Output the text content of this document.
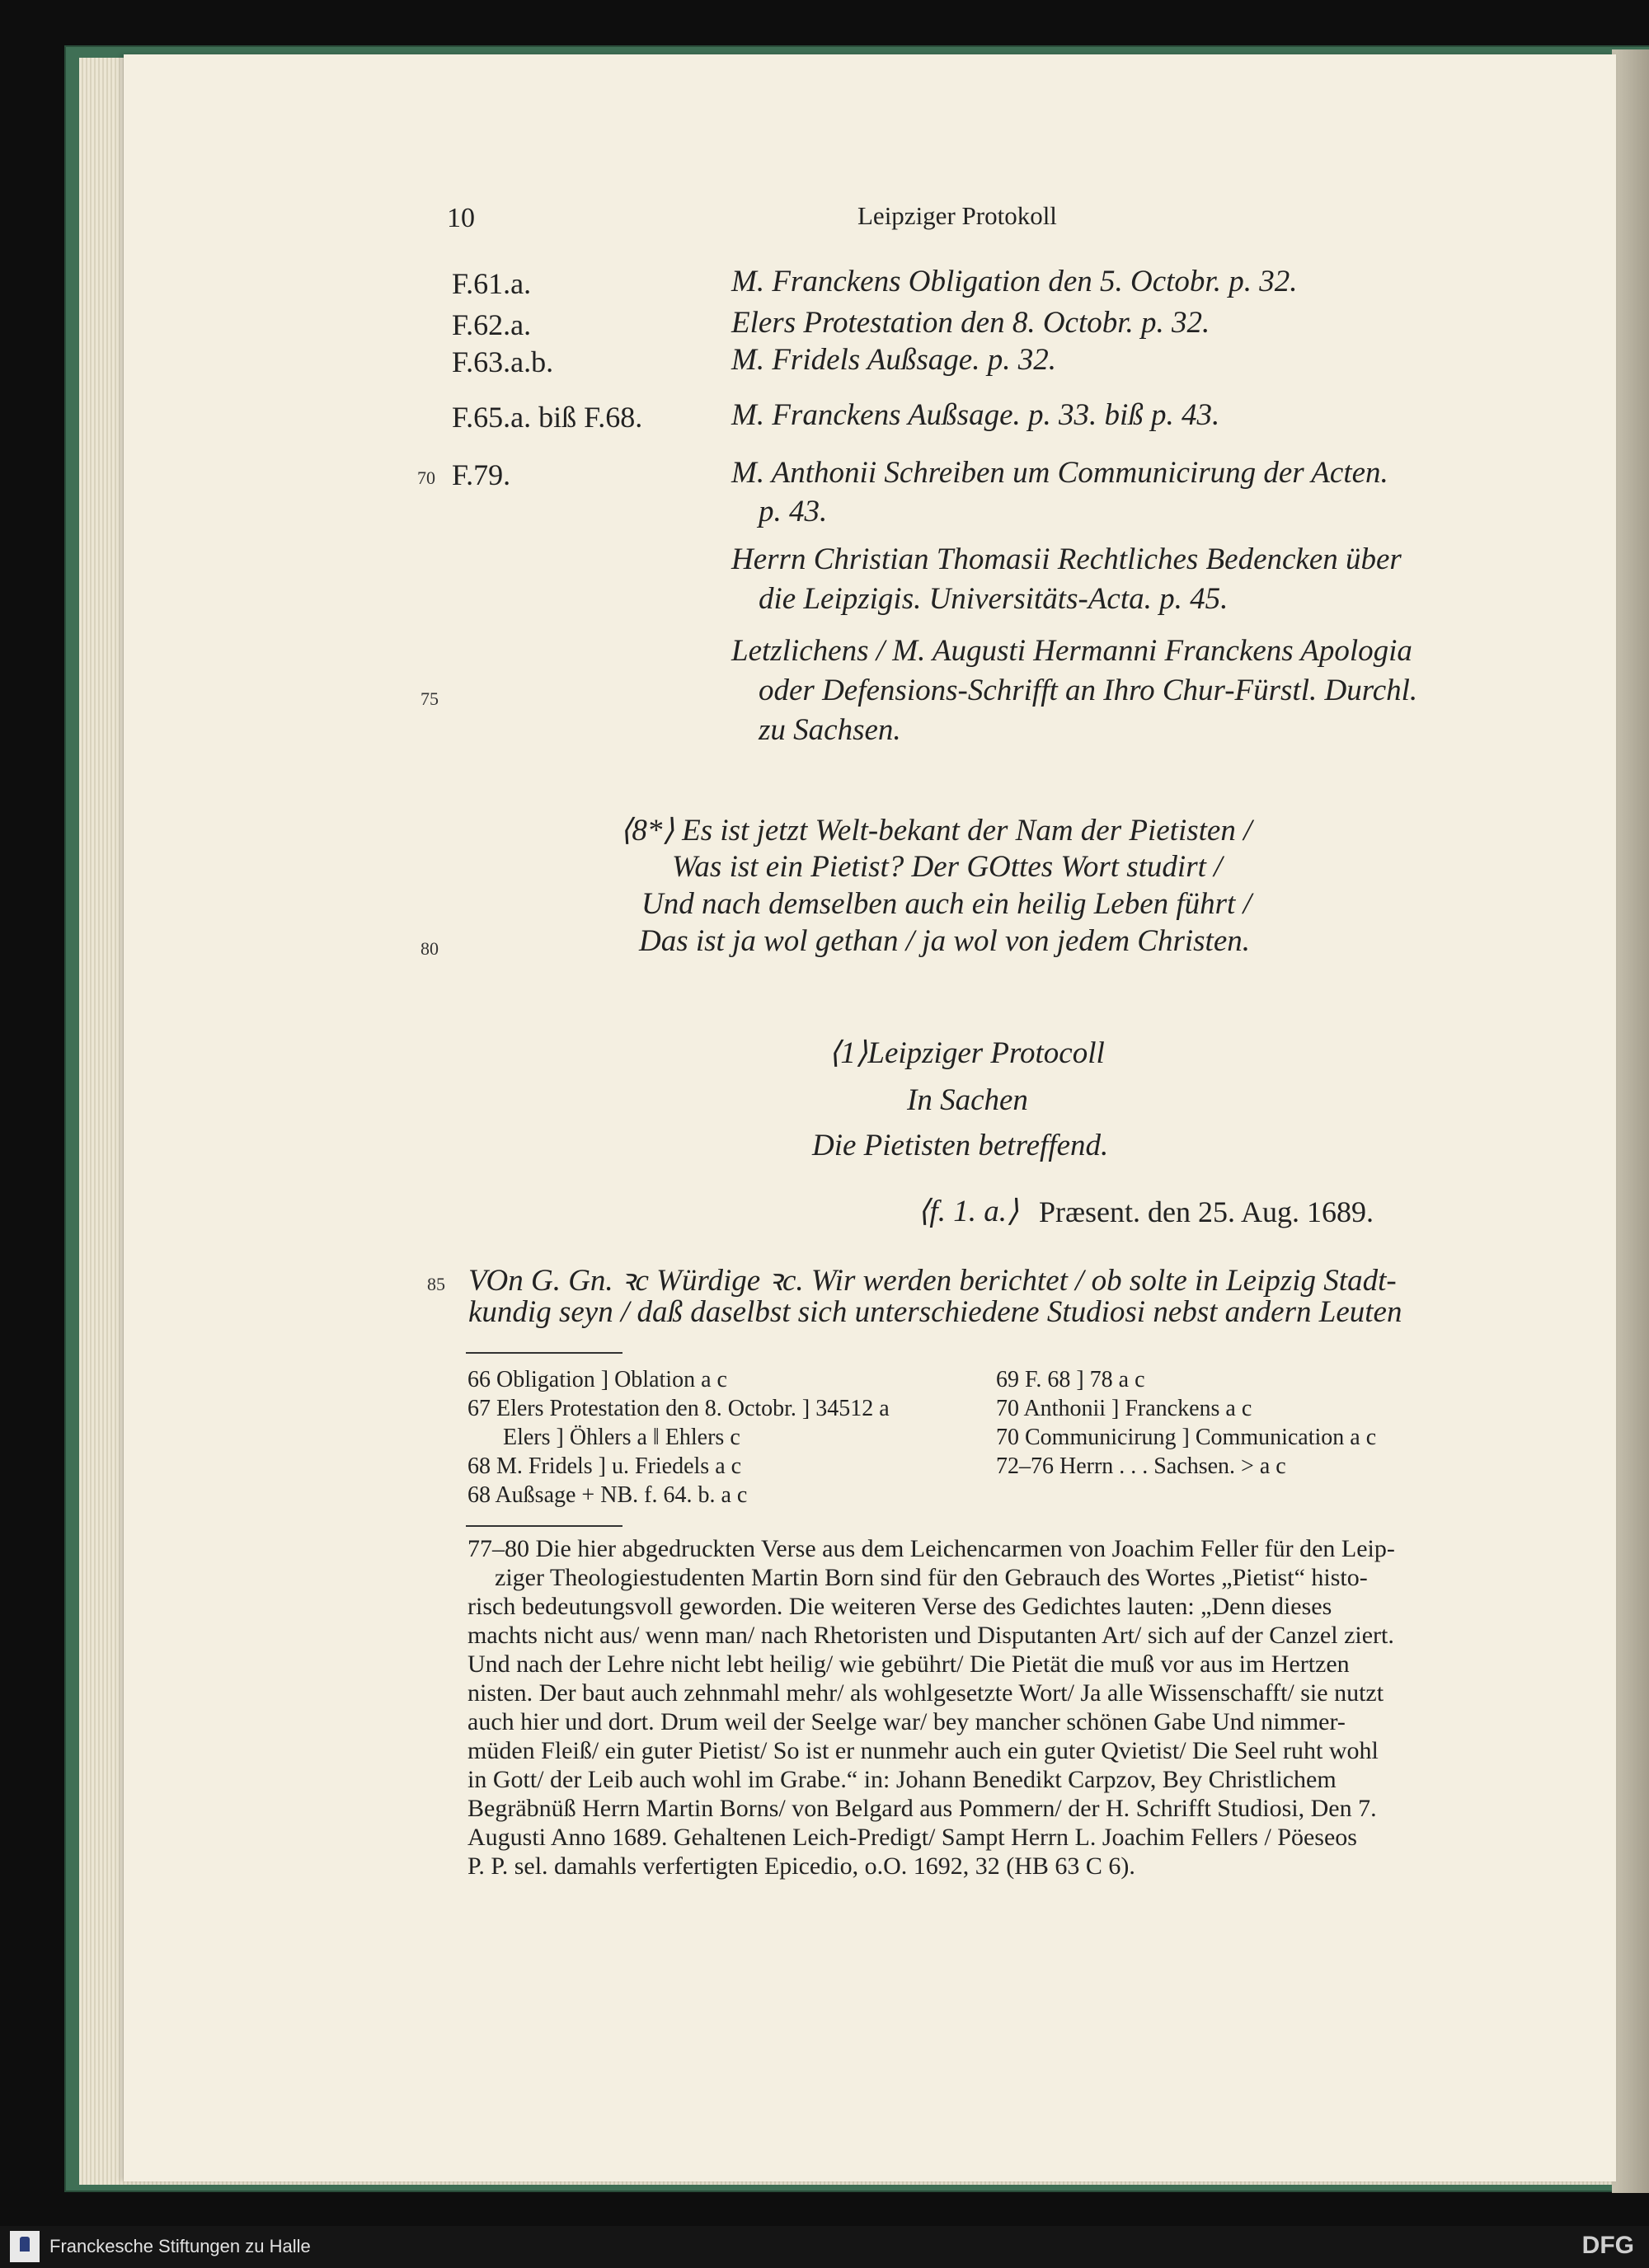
10	Leipziger Protokoll
F.61.a.	M. Franckens Obligation den 5. Octobr. p. 32.
F.62.a.	Elers Protestation den 8. Octobr. p. 32.
F.63.a.b.	M. Fridels Außsage. p. 32.
F.65.a. biß F.68.	M. Franckens Außsage. p. 33. biß p. 43.
70 F.79.	M. Anthonii Schreiben um Communicirung der Acten.
p. 43.
Herrn Christian Thomasii Rechtliches Bedencken über
die Leipzigis. Universitäts-Acta. p. 45.
Letzlichens / M. Augusti Hermanni Franckens Apologia
75	oder Defensions-Schrifft an Ihro Chur-Fürstl. Durchl.
zu Sachsen.
⟨8*⟩ Es ist jetzt Welt-bekant der Nam der Pietisten /
Was ist ein Pietist? Der GOttes Wort studirt /
Und nach demselben auch ein heilig Leben führt /
80	Das ist ja wol gethan / ja wol von jedem Christen.
⟨1⟩Leipziger Protocoll
In Sachen
Die Pietisten betreffend.
⟨f. 1. a.⟩ Præsent. den 25. Aug. 1689.
85 VOn G. Gn. ꝛc Würdige ꝛc. Wir werden berichtet / ob solte in Leipzig Stadt-
kundig seyn / daß daselbst sich unterschiedene Studiosi nebst andern Leuten
66 Obligation ] Oblation a c
67 Elers Protestation den 8. Octobr. ] 34512 a
Elers ] Öhlers a ‖ Ehlers c
68 M. Fridels ] u. Friedels a c
68 Außsage + NB. f. 64. b. a c
69 F. 68 ] 78 a c
70 Anthonii ] Franckens a c
70 Communicirung ] Communication a c
72–76 Herrn . . . Sachsen. > a c
77–80 Die hier abgedruckten Verse aus dem Leichencarmen von Joachim Feller für den Leip-
ziger Theologiestudenten Martin Born sind für den Gebrauch des Wortes „Pietist“ histo-
risch bedeutungsvoll geworden. Die weiteren Verse des Gedichtes lauten: „Denn dieses
machts nicht aus/ wenn man/ nach Rhetoristen und Disputanten Art/ sich auf der Canzel ziert.
Und nach der Lehre nicht lebt heilig/ wie gebührt/ Die Pietät die muß vor aus im Hertzen
nisten. Der baut auch zehnmahl mehr/ als wohlgesetzte Wort/ Ja alle Wissenschafft/ sie nutzt
auch hier und dort. Drum weil der Seelge war/ bey mancher schönen Gabe Und nimmer-
müden Fleiß/ ein guter Pietist/ So ist er nunmehr auch ein guter Qvietist/ Die Seel ruht wohl
in Gott/ der Leib auch wohl im Grabe.“ in: Johann Benedikt Carpzov, Bey Christlichem
Begräbnüß Herrn Martin Borns/ von Belgard aus Pommern/ der H. Schrifft Studiosi, Den 7.
Augusti Anno 1689. Gehaltenen Leich-Predigt/ Sampt Herrn L. Joachim Fellers / Pöeseos
P. P. sel. damahls verfertigten Epicedio, o.O. 1692, 32 (HB 63 C 6).
Franckesche Stiftungen zu Halle	DFG
